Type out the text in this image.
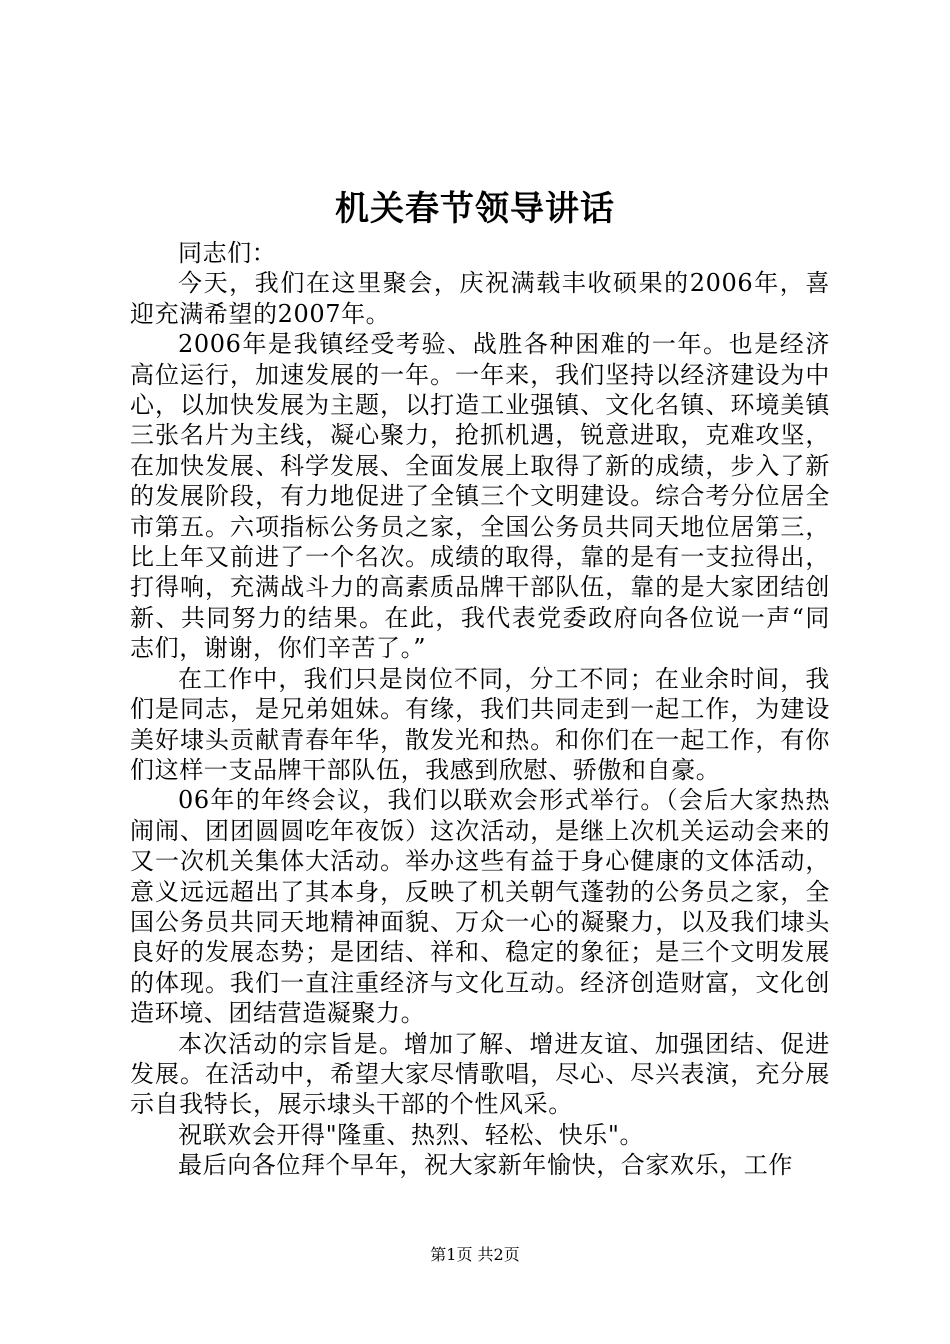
机关春节领导讲话

同志们：

今天，我们在这里聚会，庆祝满载丰收硕果的2006年，喜迎充满希望的2007年。

2006年是我镇经受考验、战胜各种困难的一年。也是经济高位运行，加速发展的一年。一年来，我们坚持以经济建设为中心，以加快发展为主题，以打造工业强镇、文化名镇、环境美镇三张名片为主线，凝心聚力，抢抓机遇，锐意进取，克难攻坚，在加快发展、科学发展、全面发展上取得了新的成绩，步入了新的发展阶段，有力地促进了全镇三个文明建设。综合考分位居全市第五。六项指标公务员之家，全国公务员共同天地位居第三，比上年又前进了一个名次。成绩的取得，靠的是有一支拉得出，打得响，充满战斗力的高素质品牌干部队伍，靠的是大家团结创新、共同努力的结果。在此，我代表党委政府向各位说一声“同志们，谢谢，你们辛苦了。”

在工作中，我们只是岗位不同，分工不同；在业余时间，我们是同志，是兄弟姐妹。有缘，我们共同走到一起工作，为建设美好埭头贡献青春年华，散发光和热。和你们在一起工作，有你们这样一支品牌干部队伍，我感到欣慰、骄傲和自豪。

06年的年终会议，我们以联欢会形式举行。（会后大家热热闹闹、团团圆圆吃年夜饭）这次活动，是继上次机关运动会来的又一次机关集体大活动。举办这些有益于身心健康的文体活动，意义远远超出了其本身，反映了机关朝气蓬勃的公务员之家，全国公务员共同天地精神面貌、万众一心的凝聚力，以及我们埭头良好的发展态势；是团结、祥和、稳定的象征；是三个文明发展的体现。我们一直注重经济与文化互动。经济创造财富，文化创造环境、团结营造凝聚力。

本次活动的宗旨是。增加了解、增进友谊、加强团结、促进发展。在活动中，希望大家尽情歌唱，尽心、尽兴表演，充分展示自我特长，展示埭头干部的个性风采。

祝联欢会开得"隆重、热烈、轻松、快乐"。

最后向各位拜个早年，祝大家新年愉快，合家欢乐，工作

第1页 共2页
